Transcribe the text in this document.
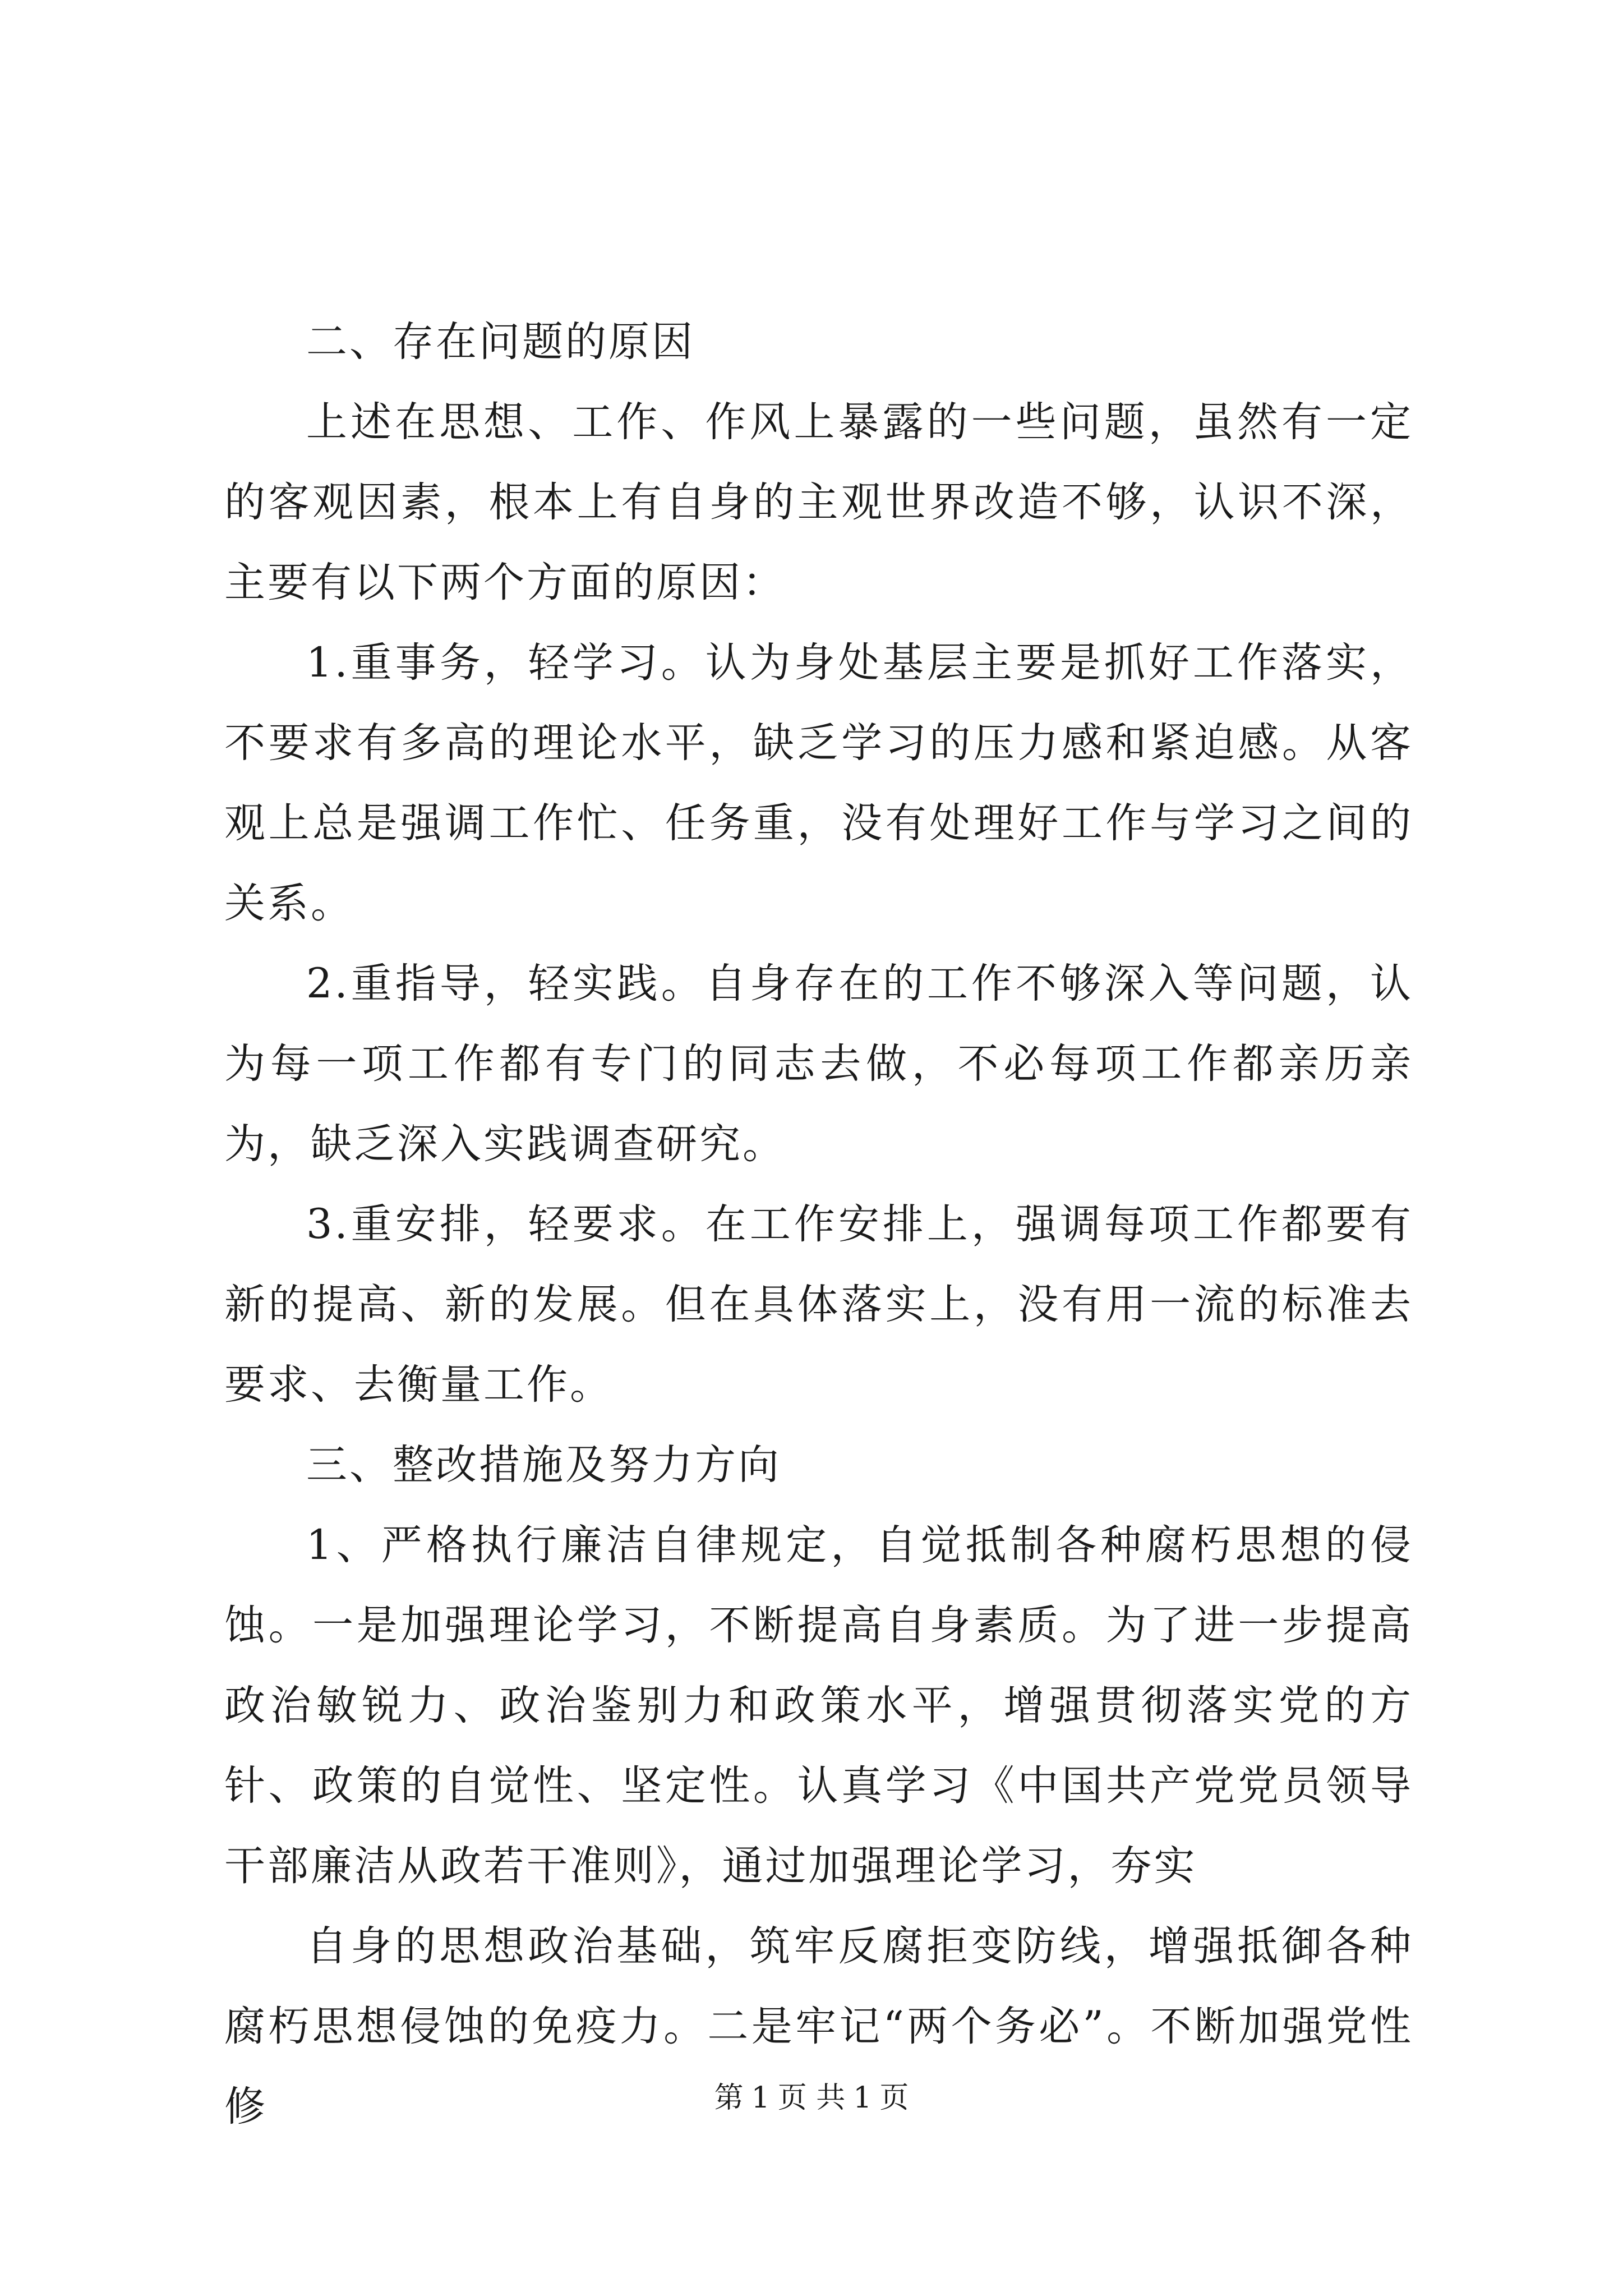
二、存在问题的原因

上述在思想、工作、作风上暴露的一些问题，虽然有一定的客观因素，根本上有自身的主观世界改造不够，认识不深，主要有以下两个方面的原因：

1.重事务，轻学习。认为身处基层主要是抓好工作落实，不要求有多高的理论水平，缺乏学习的压力感和紧迫感。从客观上总是强调工作忙、任务重，没有处理好工作与学习之间的关系。

2.重指导，轻实践。自身存在的工作不够深入等问题，认为每一项工作都有专门的同志去做，不必每项工作都亲历亲为，缺乏深入实践调查研究。

3.重安排，轻要求。在工作安排上，强调每项工作都要有新的提高、新的发展。但在具体落实上，没有用一流的标准去要求、去衡量工作。

三、整改措施及努力方向

1、严格执行廉洁自律规定，自觉抵制各种腐朽思想的侵蚀。一是加强理论学习，不断提高自身素质。为了进一步提高政治敏锐力、政治鉴别力和政策水平，增强贯彻落实党的方针、政策的自觉性、坚定性。认真学习《中国共产党党员领导干部廉洁从政若干准则》，通过加强理论学习，夯实

自身的思想政治基础，筑牢反腐拒变防线，增强抵御各种腐朽思想侵蚀的免疫力。二是牢记“两个务必”。不断加强党性修	第 1 页 共 1 页
